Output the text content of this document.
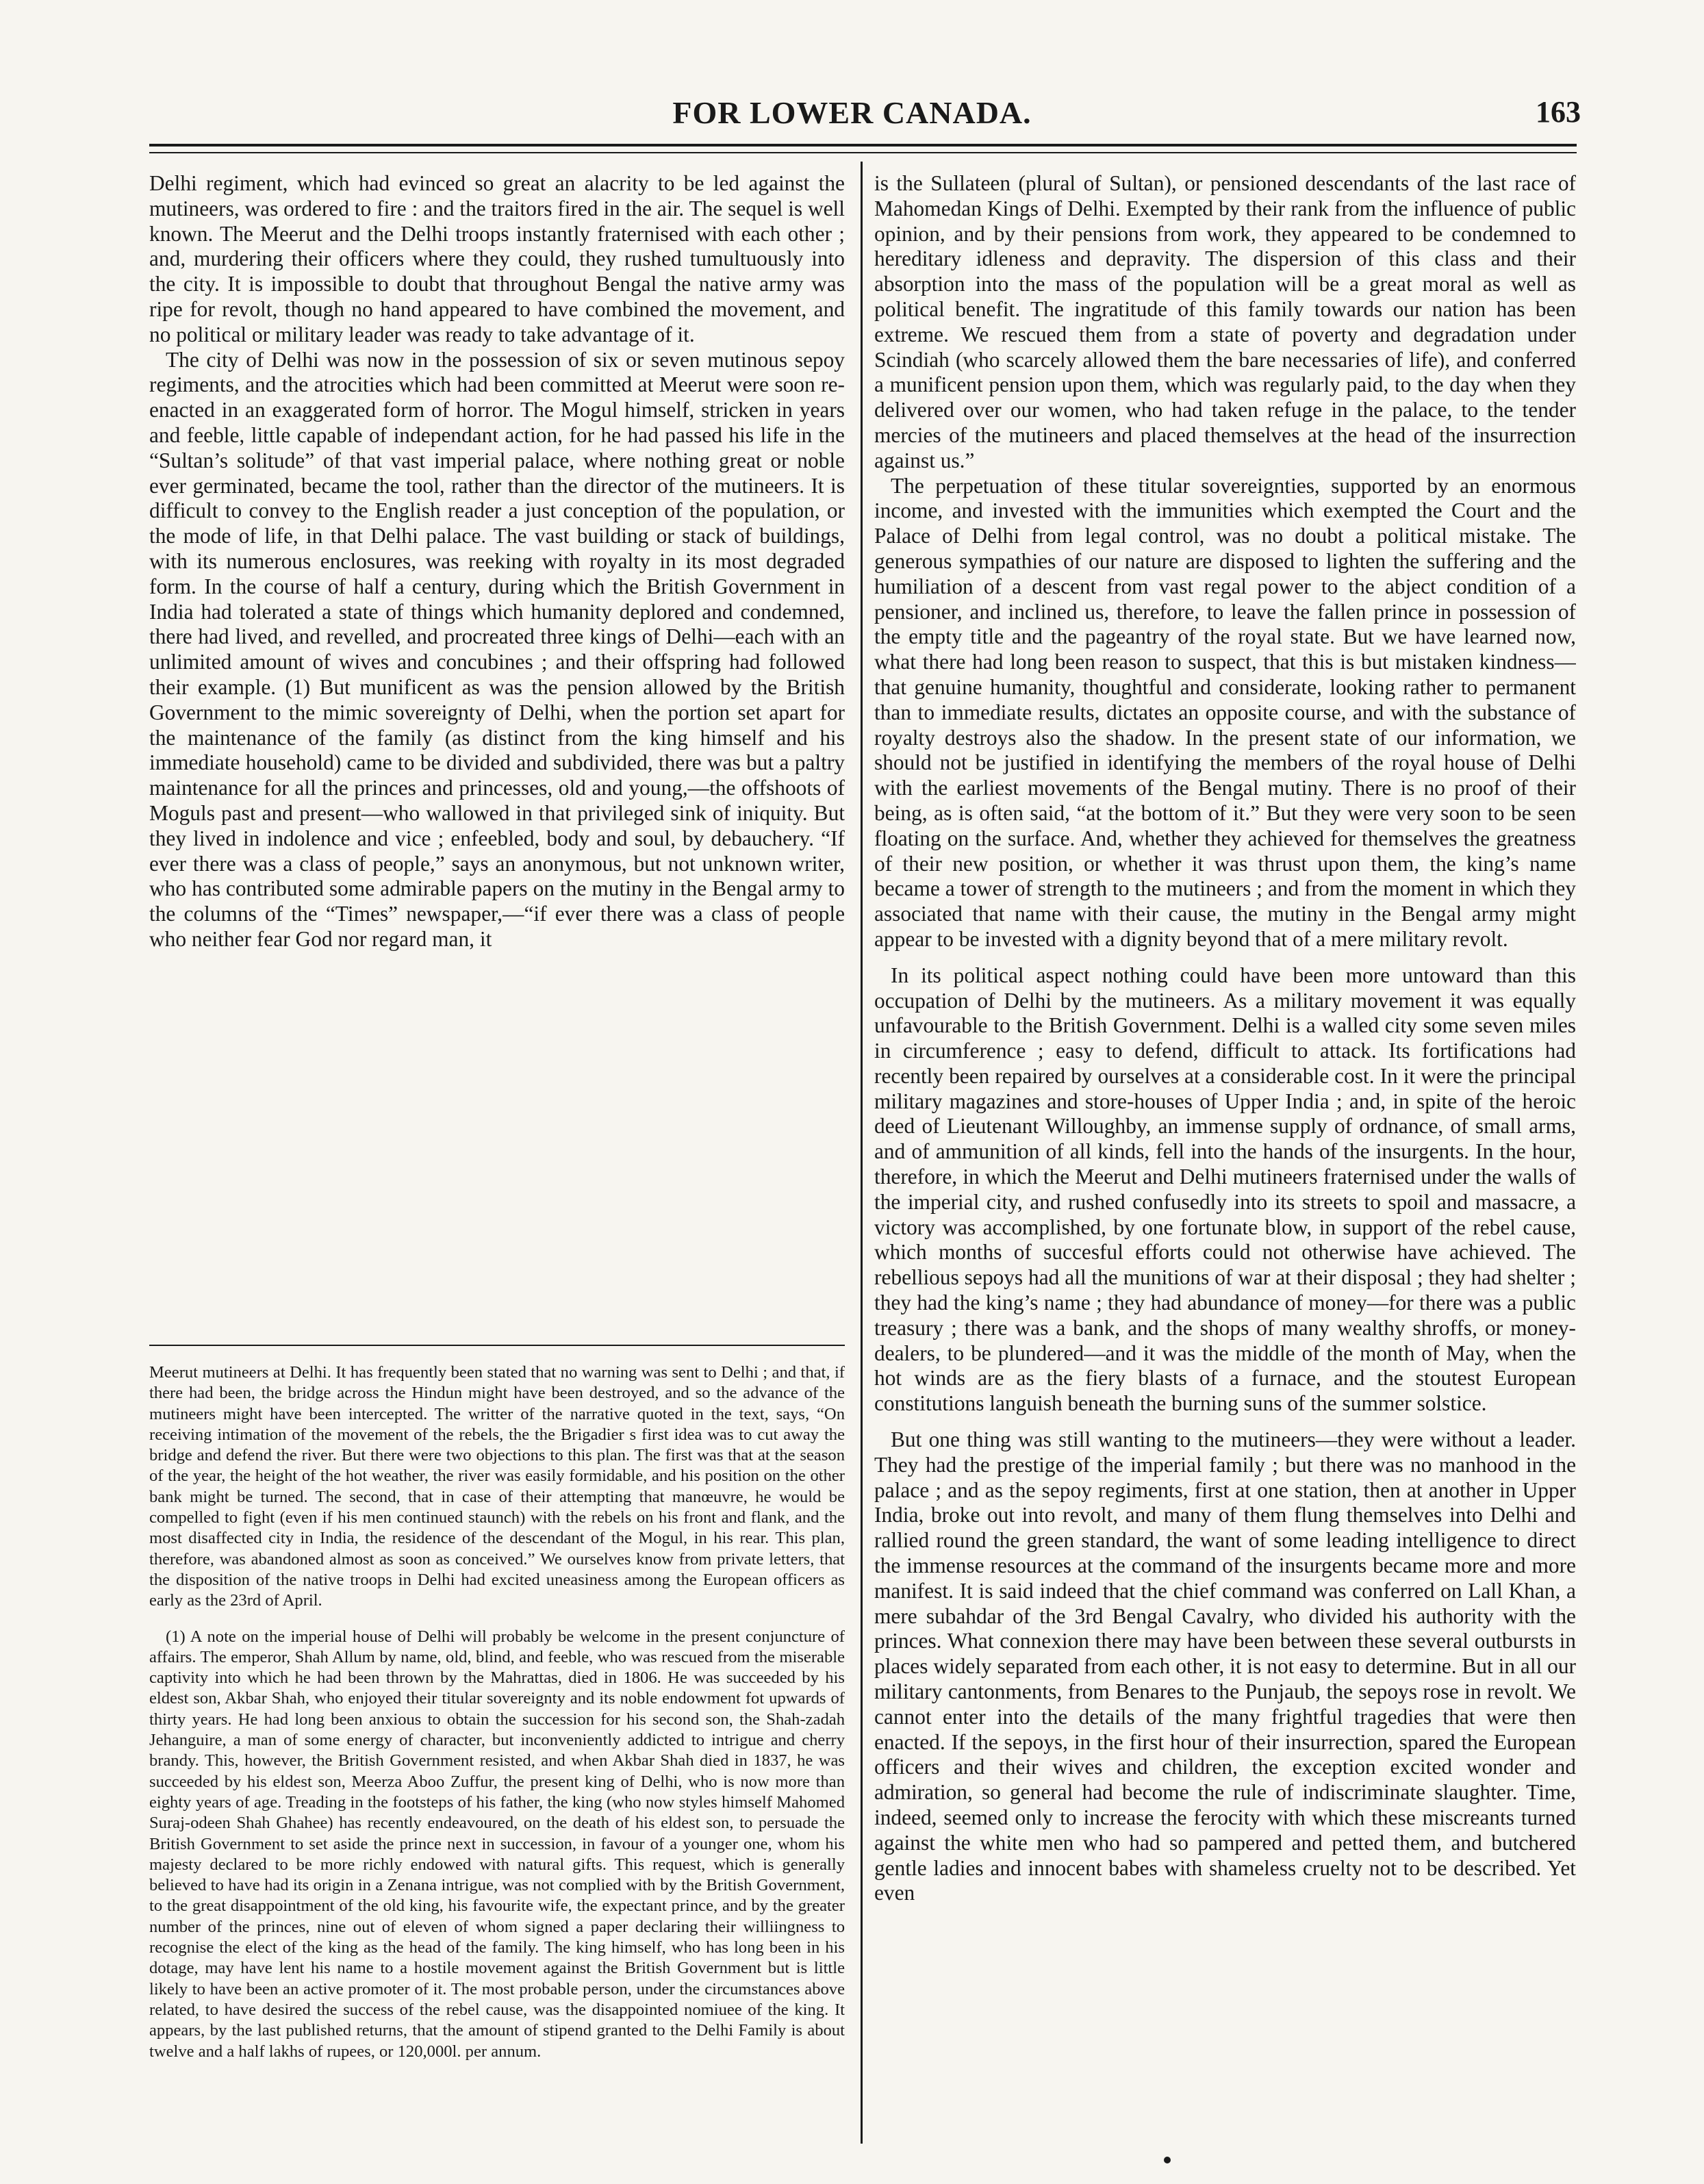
FOR LOWER CANADA.	163

Delhi regiment, which had evinced so great an alacrity to be led against the mutineers, was ordered to fire : and the traitors fired in the air. The sequel is well known. The Meerut and the Delhi troops instantly fraternised with each other ; and, murdering their officers where they could, they rushed tumultuously into the city. It is impossible to doubt that throughout Bengal the native army was ripe for revolt, though no hand appeared to have combined the movement, and no political or military leader was ready to take advantage of it.

The city of Delhi was now in the possession of six or seven mutinous sepoy regiments, and the atrocities which had been committed at Meerut were soon re-enacted in an exaggerated form of horror. The Mogul himself, stricken in years and feeble, little capable of independant action, for he had passed his life in the “Sultan’s solitude” of that vast imperial palace, where nothing great or noble ever germinated, became the tool, rather than the director of the mutineers. It is difficult to convey to the English reader a just conception of the population, or the mode of life, in that Delhi palace. The vast building or stack of buildings, with its numerous enclosures, was reeking with royalty in its most degraded form. In the course of half a century, during which the British Government in India had tolerated a state of things which humanity deplored and condemned, there had lived, and revelled, and procreated three kings of Delhi—each with an unlimited amount of wives and concubines ; and their offspring had followed their example. (1) But munificent as was the pension allowed by the British Government to the mimic sovereignty of Delhi, when the portion set apart for the maintenance of the family (as distinct from the king himself and his immediate household) came to be divided and subdivided, there was but a paltry maintenance for all the princes and princesses, old and young,—the offshoots of Moguls past and present—who wallowed in that privileged sink of iniquity. But they lived in indolence and vice ; enfeebled, body and soul, by debauchery. “If ever there was a class of people,” says an anonymous, but not unknown writer, who has contributed some admirable papers on the mutiny in the Bengal army to the columns of the “Times” newspaper,—“if ever there was a class of people who neither fear God nor regard man, it

Meerut mutineers at Delhi. It has frequently been stated that no warning was sent to Delhi ; and that, if there had been, the bridge across the Hindun might have been destroyed, and so the advance of the mutineers might have been intercepted. The writter of the narrative quoted in the text, says, “On receiving intimation of the movement of the rebels, the the Brigadier s first idea was to cut away the bridge and defend the river. But there were two objections to this plan. The first was that at the season of the year, the height of the hot weather, the river was easily formidable, and his position on the other bank might be turned. The second, that in case of their attempting that manœuvre, he would be compelled to fight (even if his men continued staunch) with the rebels on his front and flank, and the most disaffected city in India, the residence of the descendant of the Mogul, in his rear. This plan, therefore, was abandoned almost as soon as conceived.” We ourselves know from private letters, that the disposition of the native troops in Delhi had excited uneasiness among the European officers as early as the 23rd of April.

(1) A note on the imperial house of Delhi will probably be welcome in the present conjuncture of affairs. The emperor, Shah Allum by name, old, blind, and feeble, who was rescued from the miserable captivity into which he had been thrown by the Mahrattas, died in 1806. He was succeeded by his eldest son, Akbar Shah, who enjoyed their titular sovereignty and its noble endowment fot upwards of thirty years. He had long been anxious to obtain the succession for his second son, the Shah-zadah Jehanguire, a man of some energy of character, but inconveniently addicted to intrigue and cherry brandy. This, however, the British Government resisted, and when Akbar Shah died in 1837, he was succeeded by his eldest son, Meerza Aboo Zuffur, the present king of Delhi, who is now more than eighty years of age. Treading in the footsteps of his father, the king (who now styles himself Mahomed Suraj-odeen Shah Ghahee) has recently endeavoured, on the death of his eldest son, to persuade the British Government to set aside the prince next in succession, in favour of a younger one, whom his majesty declared to be more richly endowed with natural gifts. This request, which is generally believed to have had its origin in a Zenana intrigue, was not complied with by the British Government, to the great disappointment of the old king, his favourite wife, the expectant prince, and by the greater number of the princes, nine out of eleven of whom signed a paper declaring their williingness to recognise the elect of the king as the head of the family. The king himself, who has long been in his dotage, may have lent his name to a hostile movement against the British Government but is little likely to have been an active promoter of it. The most probable person, under the circumstances above related, to have desired the success of the rebel cause, was the disappointed nomiuee of the king. It appears, by the last published returns, that the amount of stipend granted to the Delhi Family is about twelve and a half lakhs of rupees, or 120,000l. per annum.

is the Sullateen (plural of Sultan), or pensioned descendants of the last race of Mahomedan Kings of Delhi. Exempted by their rank from the influence of public opinion, and by their pensions from work, they appeared to be condemned to hereditary idleness and depravity. The dispersion of this class and their absorption into the mass of the population will be a great moral as well as political benefit. The ingratitude of this family towards our nation has been extreme. We rescued them from a state of poverty and degradation under Scindiah (who scarcely allowed them the bare necessaries of life), and conferred a munificent pension upon them, which was regularly paid, to the day when they delivered over our women, who had taken refuge in the palace, to the tender mercies of the mutineers and placed themselves at the head of the insurrection against us.”

The perpetuation of these titular sovereignties, supported by an enormous income, and invested with the immunities which exempted the Court and the Palace of Delhi from legal control, was no doubt a political mistake. The generous sympathies of our nature are disposed to lighten the suffering and the humiliation of a descent from vast regal power to the abject condition of a pensioner, and inclined us, therefore, to leave the fallen prince in possession of the empty title and the pageantry of the royal state. But we have learned now, what there had long been reason to suspect, that this is but mistaken kindness—that genuine humanity, thoughtful and considerate, looking rather to permanent than to immediate results, dictates an opposite course, and with the substance of royalty destroys also the shadow. In the present state of our information, we should not be justified in identifying the members of the royal house of Delhi with the earliest movements of the Bengal mutiny. There is no proof of their being, as is often said, “at the bottom of it.” But they were very soon to be seen floating on the surface. And, whether they achieved for themselves the greatness of their new position, or whether it was thrust upon them, the king’s name became a tower of strength to the mutineers ; and from the moment in which they associated that name with their cause, the mutiny in the Bengal army might appear to be invested with a dignity beyond that of a mere military revolt.

In its political aspect nothing could have been more untoward than this occupation of Delhi by the mutineers. As a military movement it was equally unfavourable to the British Government. Delhi is a walled city some seven miles in circumference ; easy to defend, difficult to attack. Its fortifications had recently been repaired by ourselves at a considerable cost. In it were the principal military magazines and store-houses of Upper India ; and, in spite of the heroic deed of Lieutenant Willoughby, an immense supply of ordnance, of small arms, and of ammunition of all kinds, fell into the hands of the insurgents. In the hour, therefore, in which the Meerut and Delhi mutineers fraternised under the walls of the imperial city, and rushed confusedly into its streets to spoil and massacre, a victory was accomplished, by one fortunate blow, in support of the rebel cause, which months of succesful efforts could not otherwise have achieved. The rebellious sepoys had all the munitions of war at their disposal ; they had shelter ; they had the king’s name ; they had abundance of money—for there was a public treasury ; there was a bank, and the shops of many wealthy shroffs, or money-dealers, to be plundered—and it was the middle of the month of May, when the hot winds are as the fiery blasts of a furnace, and the stoutest European constitutions languish beneath the burning suns of the summer solstice.

But one thing was still wanting to the mutineers—they were without a leader. They had the prestige of the imperial family ; but there was no manhood in the palace ; and as the sepoy regiments, first at one station, then at another in Upper India, broke out into revolt, and many of them flung themselves into Delhi and rallied round the green standard, the want of some leading intelligence to direct the immense resources at the command of the insurgents became more and more manifest. It is said indeed that the chief command was conferred on Lall Khan, a mere subahdar of the 3rd Bengal Cavalry, who divided his authority with the princes. What connexion there may have been between these several outbursts in places widely separated from each other, it is not easy to determine. But in all our military cantonments, from Benares to the Punjaub, the sepoys rose in revolt. We cannot enter into the details of the many frightful tragedies that were then enacted. If the sepoys, in the first hour of their insurrection, spared the European officers and their wives and children, the exception excited wonder and admiration, so general had become the rule of indiscriminate slaughter. Time, indeed, seemed only to increase the ferocity with which these miscreants turned against the white men who had so pampered and petted them, and butchered gentle ladies and innocent babes with shameless cruelty not to be described. Yet even
